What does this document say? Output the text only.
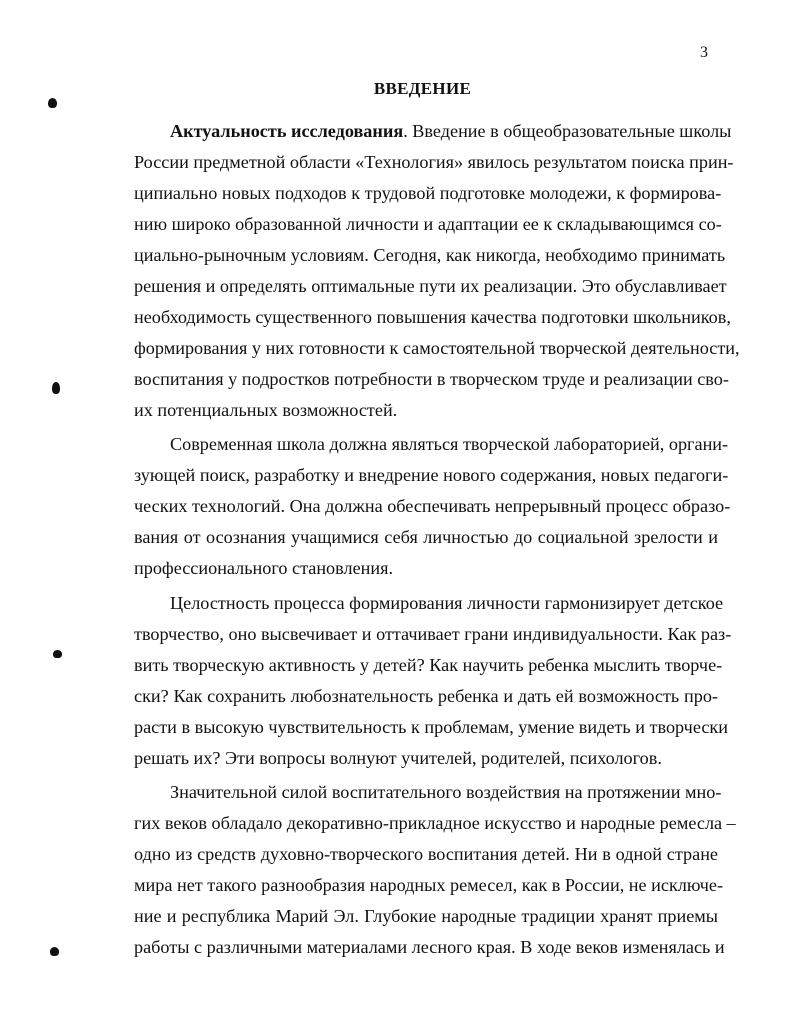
3
ВВЕДЕНИЕ
Актуальность исследования. Введение в общеобразовательные школы
России предметной области «Технология» явилось результатом поиска прин-
ципиально новых подходов к трудовой подготовке молодежи, к формирова-
нию широко образованной личности и адаптации ее к складывающимся со-
циально-рыночным условиям. Сегодня, как никогда, необходимо принимать
решения и определять оптимальные пути их реализации. Это обуславливает
необходимость существенного повышения качества подготовки школьников,
формирования у них готовности к самостоятельной творческой деятельности,
воспитания у подростков потребности в творческом труде и реализации сво-
их потенциальных возможностей.
Современная школа должна являться творческой лабораторией, органи-
зующей поиск, разработку и внедрение нового содержания, новых педагоги-
ческих технологий. Она должна обеспечивать непрерывный процесс образо-
вания от осознания учащимися себя личностью до социальной зрелости и
профессионального становления.
Целостность процесса формирования личности гармонизирует детское
творчество, оно высвечивает и оттачивает грани индивидуальности. Как раз-
вить творческую активность у детей? Как научить ребенка мыслить творче-
ски? Как сохранить любознательность ребенка и дать ей возможность про-
расти в высокую чувствительность к проблемам, умение видеть и творчески
решать их? Эти вопросы волнуют учителей, родителей, психологов.
Значительной силой воспитательного воздействия на протяжении мно-
гих веков обладало декоративно-прикладное искусство и народные ремесла –
одно из средств духовно-творческого воспитания детей. Ни в одной стране
мира нет такого разнообразия народных ремесел, как в России, не исключе-
ние и республика Марий Эл. Глубокие народные традиции хранят приемы
работы с различными материалами лесного края. В ходе веков изменялась и
